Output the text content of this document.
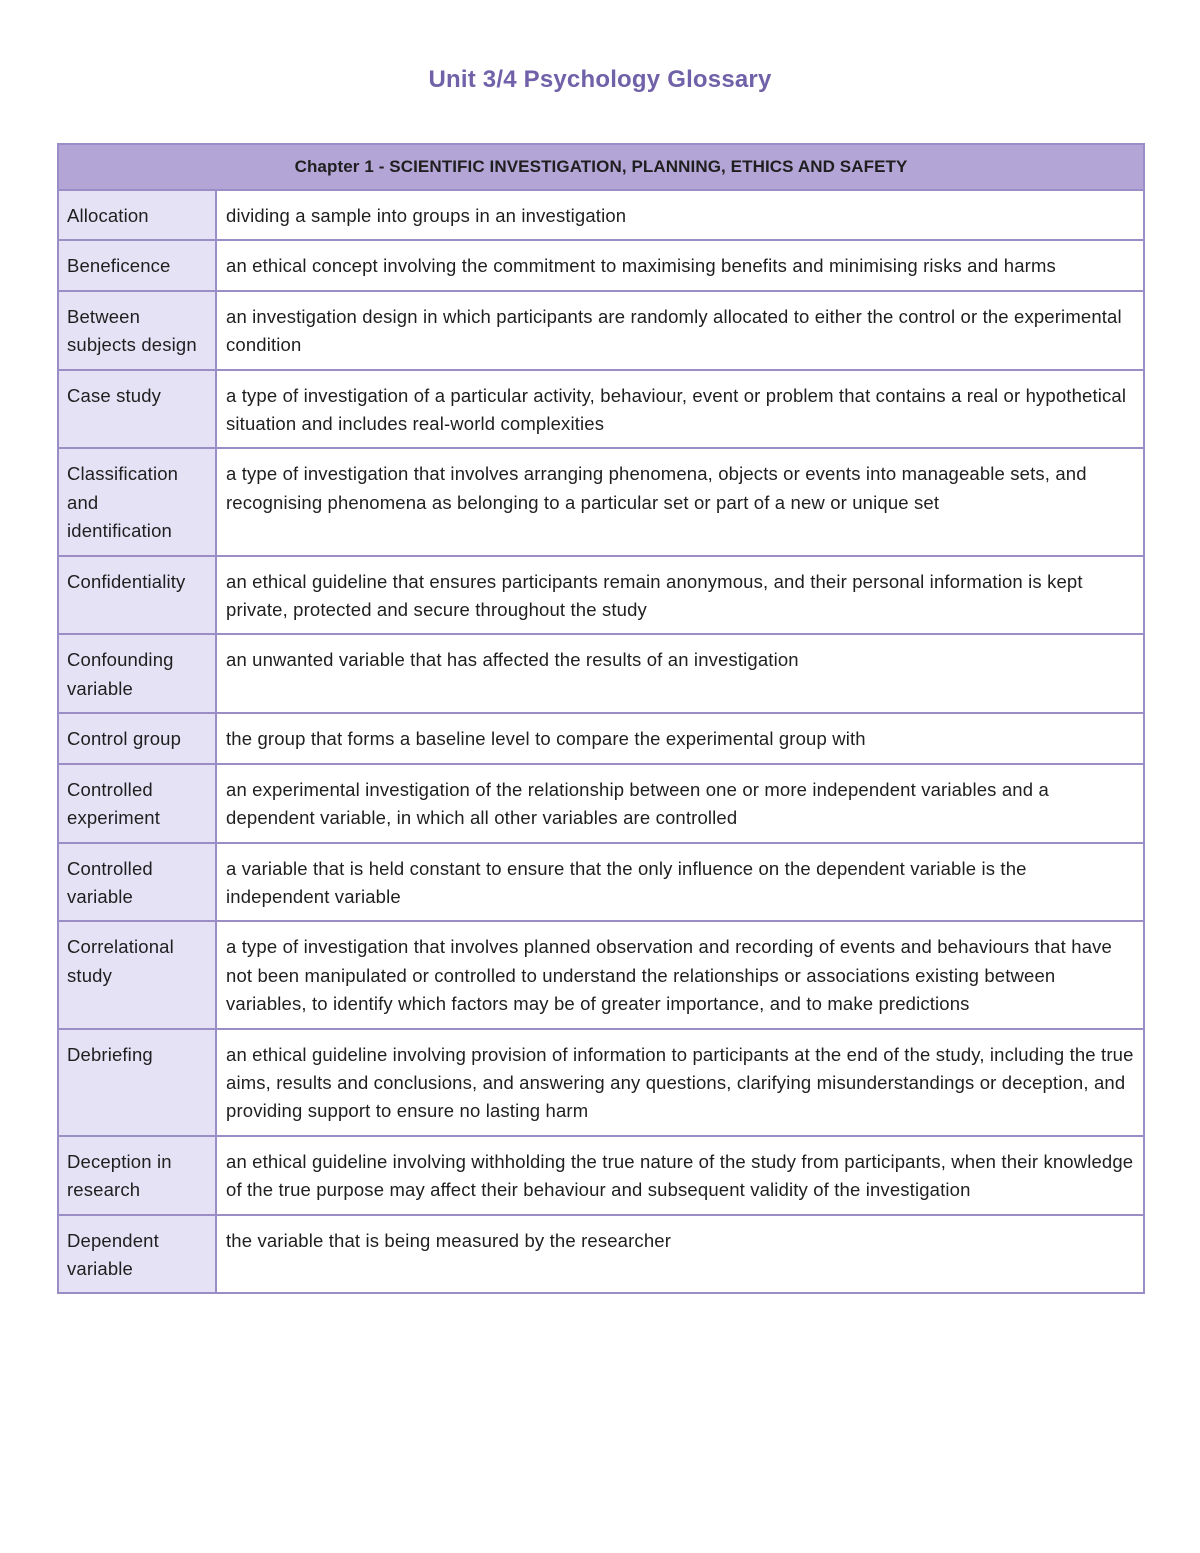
Unit 3/4 Psychology Glossary
Chapter 1 - SCIENTIFIC INVESTIGATION, PLANNING, ETHICS AND SAFETY	
Allocation	dividing a sample into groups in an investigation
Beneficence	an ethical concept involving the commitment to maximising benefits and minimising risks and harms
Between subjects design	an investigation design in which participants are randomly allocated to either the control or the experimental condition
Case study	a type of investigation of a particular activity, behaviour, event or problem that contains a real or hypothetical situation and includes real-world complexities
Classification and identification	a type of investigation that involves arranging phenomena, objects or events into manageable sets, and recognising phenomena as belonging to a particular set or part of a new or unique set
Confidentiality	an ethical guideline that ensures participants remain anonymous, and their personal information is kept private, protected and secure throughout the study
Confounding variable	an unwanted variable that has affected the results of an investigation
Control group	the group that forms a baseline level to compare the experimental group with
Controlled experiment	an experimental investigation of the relationship between one or more independent variables and a dependent variable, in which all other variables are controlled
Controlled variable	a variable that is held constant to ensure that the only influence on the dependent variable is the independent variable
Correlational study	a type of investigation that involves planned observation and recording of events and behaviours that have not been manipulated or controlled to understand the relationships or associations existing between variables, to identify which factors may be of greater importance, and to make predictions
Debriefing	an ethical guideline involving provision of information to participants at the end of the study, including the true aims, results and conclusions, and answering any questions, clarifying misunderstandings or deception, and providing support to ensure no lasting harm
Deception in research	an ethical guideline involving withholding the true nature of the study from participants, when their knowledge of the true purpose may affect their behaviour and subsequent validity of the investigation
Dependent variable	the variable that is being measured by the researcher
